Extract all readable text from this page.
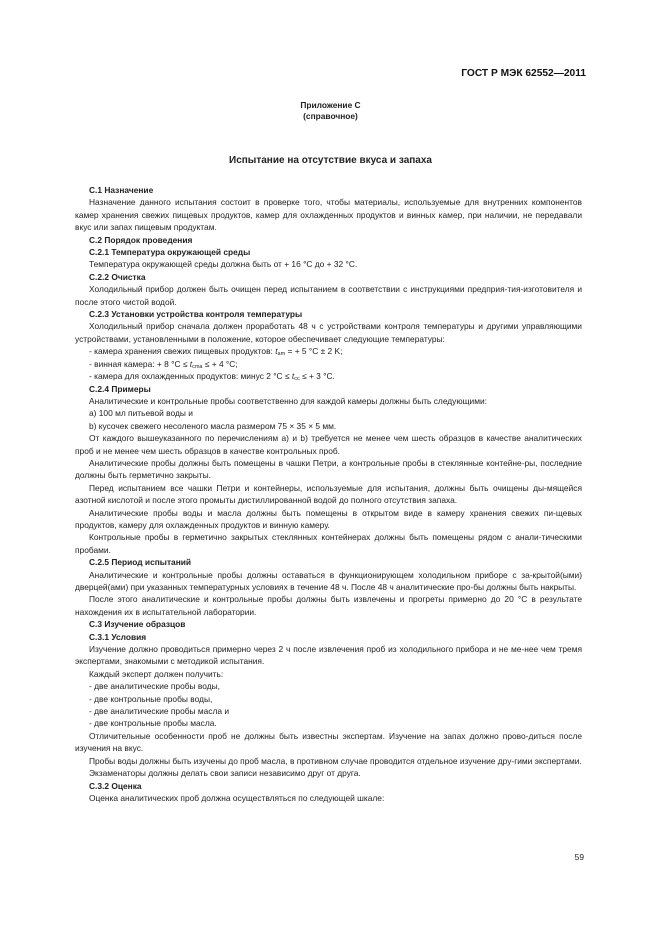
ГОСТ Р МЭК 62552—2011
Приложение С
(справочное)
Испытание на отсутствие вкуса и запаха

С.1 Назначение

Назначение данного испытания состоит в проверке того, чтобы материалы, используемые для внутренних компонентов камер хранения свежих пищевых продуктов, камер для охлажденных продуктов и винных камер, при наличии, не передавали вкус или запах пищевым продуктам.

С.2 Порядок проведения

С.2.1 Температура окружающей среды

Температура окружающей среды должна быть от + 16 °С до + 32 °С.

С.2.2 Очистка

Холодильный прибор должен быть очищен перед испытанием в соответствии с инструкциями предприя-тия-изготовителя и после этого чистой водой.

С.2.3 Установки устройства контроля температуры

Холодильный прибор сначала должен проработать 48 ч с устройствами контроля температуры и другими управляющими устройствами, установленными в положение, которое обеспечивает следующие температуры:

- камера хранения свежих пищевых продуктов: $t_{am}$ = + 5 °С ± 2 K;

- винная камера: + 8 $^\circ С \le t_{cma}$ ≤ + 4 °С;

- камера для охлажденных продуктов: минус 2 $^\circ С \le t_{cc}$ ≤ + 3 °С.

С.2.4 Примеры

Аналитические и контрольные пробы соответственно для каждой камеры должны быть следующими:

а) 100 мл питьевой воды и

b) кусочек свежего несоленого масла размером 75 × 35 × 5 мм.

От каждого вышеуказанного по перечислениям а) и b) требуется не менее чем шесть образцов в качестве аналитических проб и не менее чем шесть образцов в качестве контрольных проб.

Аналитические пробы должны быть помещены в чашки Петри, а контрольные пробы в стеклянные контейне-ры, последние должны быть герметично закрыты.

Перед испытанием все чашки Петри и контейнеры, используемые для испытания, должны быть очищены ды-мящейся азотной кислотой и после этого промыты дистиллированной водой до полного отсутствия запаха.

Аналитические пробы воды и масла должны быть помещены в открытом виде в камеру хранения свежих пи-щевых продуктов, камеру для охлажденных продуктов и винную камеру.

Контрольные пробы в герметично закрытых стеклянных контейнерах должны быть помещены рядом с анали-тическими пробами.

С.2.5 Период испытаний

Аналитические и контрольные пробы должны оставаться в функционирующем холодильном приборе с за-крытой(ыми) дверцей(ами) при указанных температурных условиях в течение 48 ч. После 48 ч аналитические про-бы должны быть накрыты.

После этого аналитические и контрольные пробы должны быть извлечены и прогреты примерно до 20 °С в результате нахождения их в испытательной лаборатории.

С.3 Изучение образцов

С.3.1 Условия

Изучение должно проводиться примерно через 2 ч после извлечения проб из холодильного прибора и не ме-нее чем тремя экспертами, знакомыми с методикой испытания.

Каждый эксперт должен получить:

- две аналитические пробы воды,

- две контрольные пробы воды,

- две аналитические пробы масла и

- две контрольные пробы масла.

Отличительные особенности проб не должны быть известны экспертам. Изучение на запах должно прово-диться после изучения на вкус.

Пробы воды должны быть изучены до проб масла, в противном случае проводится отдельное изучение дру-гими экспертами.

Экзаменаторы должны делать свои записи независимо друг от друга.

С.3.2 Оценка

Оценка аналитических проб должна осуществляться по следующей шкале:

59
